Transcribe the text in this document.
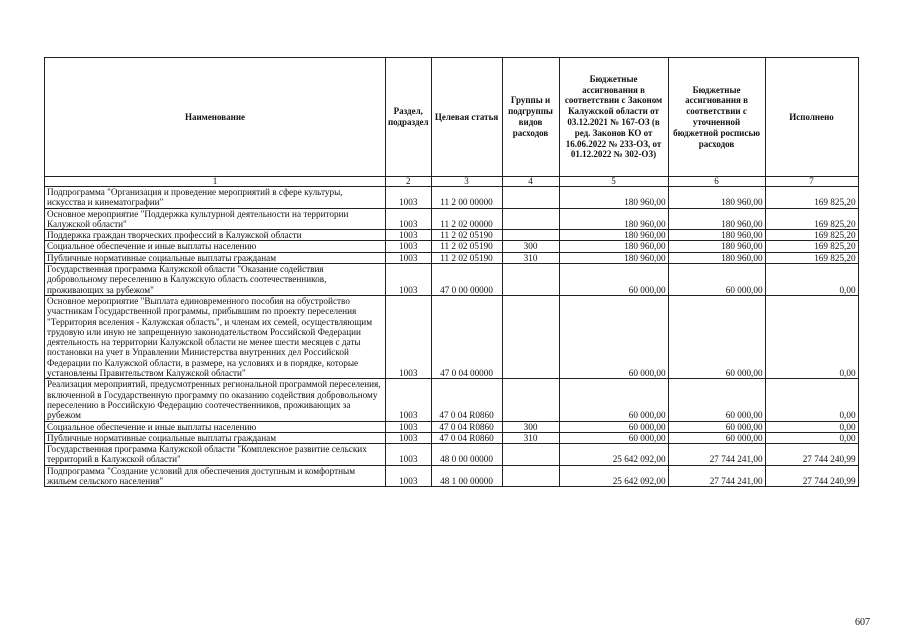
Наименование	Раздел, подраздел	Целевая статья	Группы и подгруппы видов расходов	Бюджетные ассигнования в соответствии с Законом Калужской области от 03.12.2021 № 167-ОЗ (в ред. Законов КО от 16.06.2022 № 233-ОЗ, от 01.12.2022 № 302-ОЗ)	Бюджетные ассигнования в соответствии с уточненной бюджетной росписью расходов	Исполнено
1	2	3	4	5	6	7
Подпрограмма "Организация и проведение мероприятий в сфере культуры, искусства и кинематографии"	1003	11 2 00 00000		180 960,00	180 960,00	169 825,20
Основное мероприятие "Поддержка культурной деятельности на территории Калужской области"	1003	11 2 02 00000		180 960,00	180 960,00	169 825,20
Поддержка граждан творческих профессий в Калужской области	1003	11 2 02 05190		180 960,00	180 960,00	169 825,20
Социальное обеспечение и иные выплаты населению	1003	11 2 02 05190	300	180 960,00	180 960,00	169 825,20
Публичные нормативные социальные выплаты гражданам	1003	11 2 02 05190	310	180 960,00	180 960,00	169 825,20
Государственная программа Калужской области "Оказание содействия добровольному переселению в Калужскую область соотечественников, проживающих за рубежом"	1003	47 0 00 00000		60 000,00	60 000,00	0,00
Основное мероприятие "Выплата единовременного пособия на обустройство участникам Государственной программы, прибывшим по проекту переселения "Территория вселения - Калужская область", и членам их семей, осуществляющим трудовую или иную не запрещенную законодательством Российской Федерации деятельность на территории Калужской области не менее шести месяцев с даты постановки на учет в Управлении Министерства внутренних дел Российской Федерации по Калужской области, в размере, на условиях и в порядке, которые установлены Правительством Калужской области"	1003	47 0 04 00000		60 000,00	60 000,00	0,00
Реализация мероприятий, предусмотренных региональной программой переселения, включенной в Государственную программу по оказанию содействия добровольному переселению в Российскую Федерацию соотечественников, проживающих за рубежом	1003	47 0 04 R0860		60 000,00	60 000,00	0,00
Социальное обеспечение и иные выплаты населению	1003	47 0 04 R0860	300	60 000,00	60 000,00	0,00
Публичные нормативные социальные выплаты гражданам	1003	47 0 04 R0860	310	60 000,00	60 000,00	0,00
Государственная программа Калужской области "Комплексное развитие сельских территорий в Калужской области"	1003	48 0 00 00000		25 642 092,00	27 744 241,00	27 744 240,99
Подпрограмма "Создание условий для обеспечения доступным и комфортным жильем сельского населения"	1003	48 1 00 00000		25 642 092,00	27 744 241,00	27 744 240,99
607
